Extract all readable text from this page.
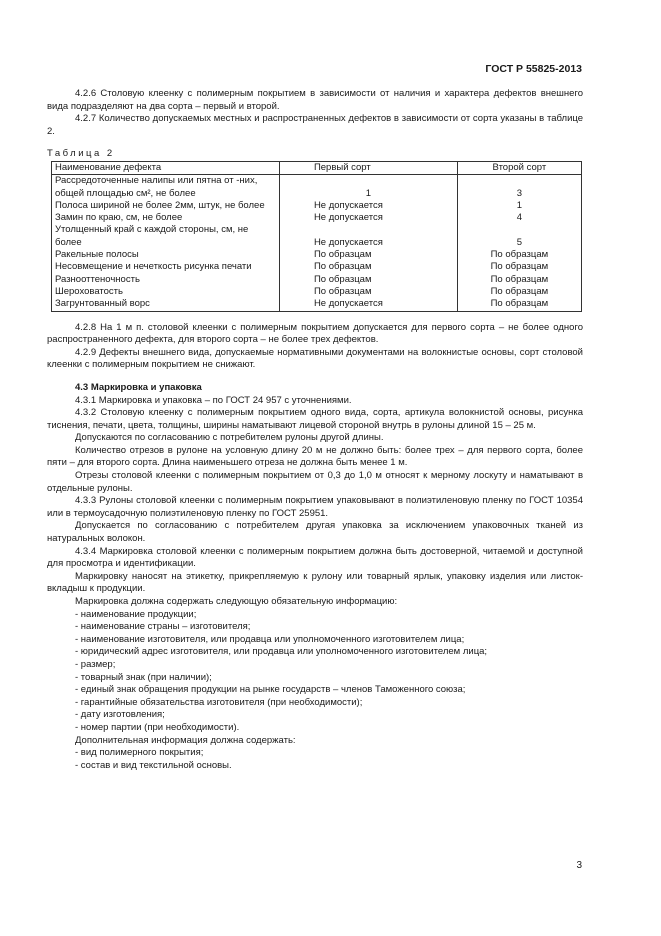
ГОСТ Р 55825-2013

4.2.6 Столовую клеенку с полимерным покрытием в зависимости от наличия и характера дефектов внешнего вида подразделяют на два сорта – первый и второй.

4.2.7 Количество допускаемых местных и распространенных дефектов в зависимости от сорта указаны в таблице 2.

Таблица 2

Наименование дефекта	Первый сорт	Второй сорт
Рассредоточенные налипы или пятна от -них, общей площадью см², не более	1	3
Полоса шириной не более 2мм, штук, не более	Не допускается	1
Замин по краю, см, не более	Не допускается	4
Утолщенный край с каждой стороны, см, не более	Не допускается	5
Ракельные полосы	По образцам	По образцам
Несовмещение и нечеткость рисунка печати	По образцам	По образцам
Разнооттеночность	По образцам	По образцам
Шероховатость	По образцам	По образцам
Загрунтованный ворс	Не допускается	По образцам

4.2.8 На 1 м п. столовой клеенки с полимерным покрытием допускается для первого сорта – не более одного распространенного дефекта, для второго сорта – не более трех дефектов.

4.2.9 Дефекты внешнего вида, допускаемые нормативными документами на волокнистые основы, сорт столовой клеенки с полимерным покрытием не снижают.

4.3 Маркировка и упаковка

4.3.1 Маркировка и упаковка – по ГОСТ 24 957 с уточнениями.

4.3.2 Столовую клеенку с полимерным покрытием одного вида, сорта, артикула волокнистой основы, рисунка тиснения, печати, цвета, толщины, ширины наматывают лицевой стороной внутрь в рулоны длиной 15 – 25 м.

Допускаются по согласованию с потребителем рулоны другой длины.

Количество отрезов в рулоне на условную длину 20 м не должно быть: более трех – для первого сорта, более пяти – для второго сорта. Длина наименьшего отреза не должна быть менее 1 м.

Отрезы столовой клеенки с полимерным покрытием от 0,3 до 1,0 м относят к мерному лоскуту и наматывают в отдельные рулоны.

4.3.3 Рулоны столовой клеенки с полимерным покрытием упаковывают в полиэтиленовую пленку по ГОСТ 10354 или в термоусадочную полиэтиленовую пленку по ГОСТ 25951.

Допускается по согласованию с потребителем другая упаковка за исключением упаковочных тканей из натуральных волокон.

4.3.4 Маркировка столовой клеенки с полимерным покрытием должна быть достоверной, читаемой и доступной для просмотра и идентификации.

Маркировку наносят на этикетку, прикрепляемую к рулону или товарный ярлык, упаковку изделия или листок-вкладыш к продукции.

Маркировка должна содержать следующую обязательную информацию:

- наименование продукции;

- наименование страны – изготовителя;

- наименование изготовителя, или продавца или уполномоченного изготовителем лица;

- юридический адрес изготовителя, или продавца или уполномоченного изготовителем лица;

- размер;

- товарный знак (при наличии);

- единый знак обращения продукции на рынке государств – членов Таможенного союза;

- гарантийные обязательства изготовителя (при необходимости);

- дату изготовления;

- номер партии (при необходимости).

Дополнительная информация должна содержать:

- вид полимерного покрытия;

- состав и вид текстильной основы.

3
